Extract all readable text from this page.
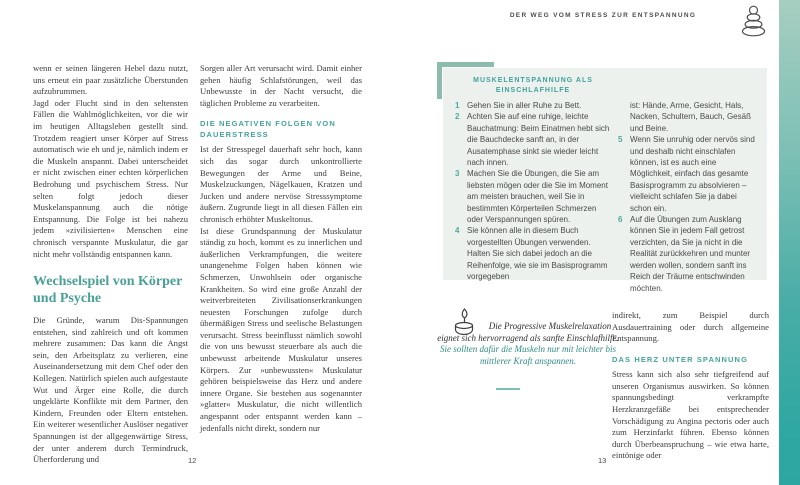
DER WEG VOM STRESS ZUR ENTSPANNUNG

wenn er seinen längeren Hebel dazu nutzt, uns erneut ein paar zusätzliche Überstunden aufzubrummen.

Jagd oder Flucht sind in den seltensten Fällen die Wahlmöglichkeiten, vor die wir im heutigen Alltagsleben gestellt sind. Trotzdem reagiert unser Körper auf Stress automatisch wie eh und je, nämlich indem er die Muskeln anspannt. Dabei unterscheidet er nicht zwischen einer echten körperlichen Bedrohung und psychischem Stress. Nur selten folgt jedoch dieser Muskelanspannung auch die nötige Entspannung. Die Folge ist bei nahezu jedem »zivilisierten« Menschen eine chronisch verspannte Muskulatur, die gar nicht mehr vollständig entspannen kann.

Wechselspiel von Körper und Psyche

Die Gründe, warum Dis-Spannungen entstehen, sind zahlreich und oft kommen mehrere zusammen: Das kann die Angst sein, den Arbeitsplatz zu verlieren, eine Auseinandersetzung mit dem Chef oder den Kollegen. Natürlich spielen auch aufgestaute Wut und Ärger eine Rolle, die durch ungeklärte Konflikte mit dem Partner, den Kindern, Freunden oder Eltern entstehen. Ein weiterer wesentlicher Auslöser negativer Spannungen ist der allgegenwärtige Stress, der unter anderem durch Termindruck, Überforderung und

Sorgen aller Art verursacht wird. Damit einher gehen häufig Schlafstörungen, weil das Unbewusste in der Nacht versucht, die täglichen Probleme zu verarbeiten.

DIE NEGATIVEN FOLGEN VON DAUERSTRESS

Ist der Stresspegel dauerhaft sehr hoch, kann sich das sogar durch unkontrollierte Bewegungen der Arme und Beine, Muskelzuckungen, Nägelkauen, Kratzen und Jucken und andere nervöse Stresssymptome äußern. Zugrunde liegt in all diesen Fällen ein chronisch erhöhter Muskeltonus.

Ist diese Grundspannung der Muskulatur ständig zu hoch, kommt es zu innerlichen und äußerlichen Verkrampfungen, die weitere unangenehme Folgen haben können wie Schmerzen, Unwohlsein oder organische Krankheiten. So wird eine große Anzahl der weitverbreiteten Zivilisationserkrankungen neuesten Forschungen zufolge durch übermäßigen Stress und seelische Belastungen verursacht. Stress beeinflusst nämlich sowohl die von uns bewusst steuerbare als auch die unbewusst arbeitende Muskulatur unseres Körpers. Zur »unbewussten« Muskulatur gehören beispielsweise das Herz und andere innere Organe. Sie bestehen aus sogenannter »glatter« Muskulatur, die nicht willentlich angespannt oder entspannt werden kann – jedenfalls nicht direkt, sondern nur

12
MUSKELENTSPANNUNG ALS EINSCHLAFHILFE
1 Gehen Sie in aller Ruhe zu Bett.
2 Achten Sie auf eine ruhige, leichte Bauchatmung: Beim Einatmen hebt sich die Bauchdecke sanft an, in der Ausatemphase sinkt sie wieder leicht nach innen.
3 Machen Sie die Übungen, die Sie am liebsten mögen oder die Sie im Moment am meisten brauchen, weil Sie in bestimmten Körperteilen Schmerzen oder Verspannungen spüren.
4 Sie können alle in diesem Buch vorgestellten Übungen verwenden. Halten Sie sich dabei jedoch an die Reihenfolge, wie sie im Basisprogramm vorgegeben
ist: Hände, Arme, Gesicht, Hals, Nacken, Schultern, Bauch, Gesäß und Beine.
5 Wenn Sie unruhig oder nervös sind und deshalb nicht einschlafen können, ist es auch eine Möglichkeit, einfach das gesamte Basisprogramm zu absolvieren – vielleicht schlafen Sie ja dabei schon ein.
6 Auf die Übungen zum Ausklang können Sie in jedem Fall getrost verzichten, da Sie ja nicht in die Realität zurückkehren und munter werden wollen, sondern sanft ins Reich der Träume entschwinden möchten.
Die Progressive Muskelrelaxation eignet sich hervorragend als sanfte Einschlafhilfe. Sie sollten dafür die Muskeln nur mit leichter bis mittlerer Kraft anspannen.

indirekt, zum Beispiel durch Ausdauertraining oder durch allgemeine Entspannung.

DAS HERZ UNTER SPANNUNG

Stress kann sich also sehr tiefgreifend auf unseren Organismus auswirken. So können spannungsbedingt verkrampfte Herzkranzgefäße bei entsprechender Vorschädigung zu Angina pectoris oder auch zum Herzinfarkt führen. Ebenso können durch Überbeanspruchung – wie etwa harte, eintönige oder

13
